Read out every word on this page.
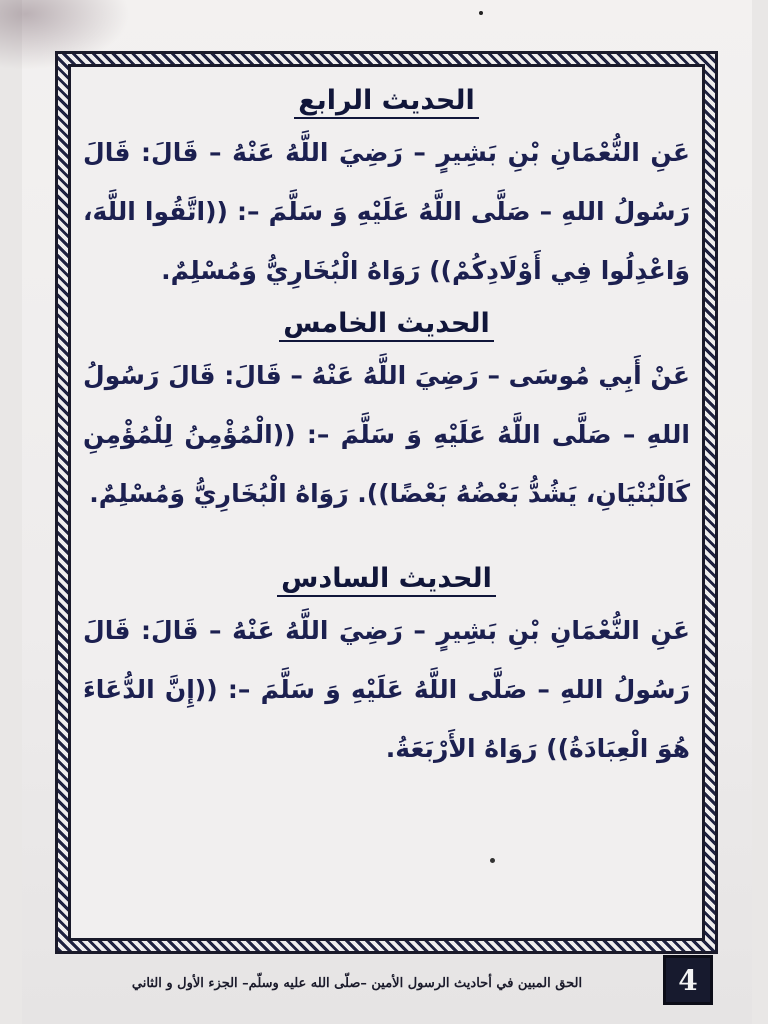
الحديث الرابع

عَنِ النُّعْمَانِ بْنِ بَشِيرٍ – رَضِيَ اللَّهُ عَنْهُ – قَالَ: قَالَ رَسُولُ اللهِ – صَلَّى اللَّهُ عَلَيْهِ وَ سَلَّمَ –: ((اتَّقُوا اللَّهَ، وَاعْدِلُوا فِي أَوْلَادِكُمْ)) رَوَاهُ الْبُخَارِيُّ وَمُسْلِمٌ.

الحديث الخامس

عَنْ أَبِي مُوسَى – رَضِيَ اللَّهُ عَنْهُ – قَالَ: قَالَ رَسُولُ اللهِ – صَلَّى اللَّهُ عَلَيْهِ وَ سَلَّمَ –: ((الْمُؤْمِنُ لِلْمُؤْمِنِ كَالْبُنْيَانِ، يَشُدُّ بَعْضُهُ بَعْضًا)). رَوَاهُ الْبُخَارِيُّ وَمُسْلِمٌ.

الحديث السادس

عَنِ النُّعْمَانِ بْنِ بَشِيرٍ – رَضِيَ اللَّهُ عَنْهُ – قَالَ: قَالَ رَسُولُ اللهِ – صَلَّى اللَّهُ عَلَيْهِ وَ سَلَّمَ –: ((إِنَّ الدُّعَاءَ هُوَ الْعِبَادَةُ)) رَوَاهُ الأَرْبَعَةُ.

الحق المبين في أحاديث الرسول الأمين –صلّى الله عليه وسلّم– الجزء الأول و الثاني	4
